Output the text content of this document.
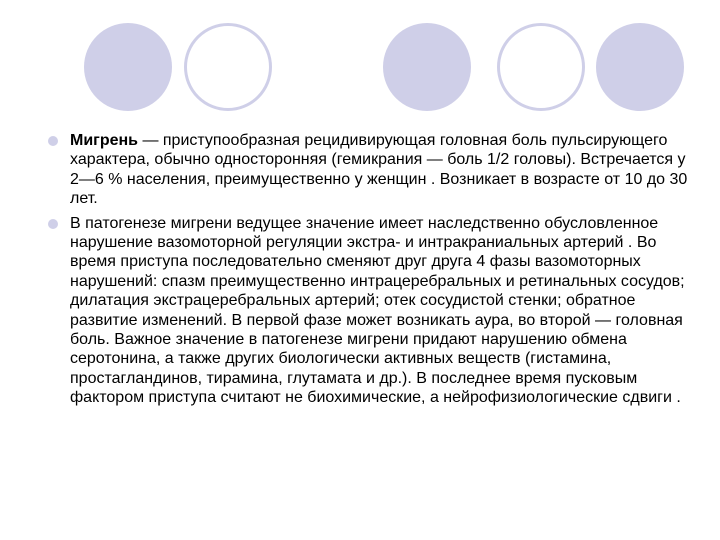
Мигрень — приступообразная рецидивирующая головная боль пульсирующего характера, обычно односторонняя (гемикрания — боль 1/2 головы). Встречается у 2—6 % населения, преимущественно у женщин . Возникает в возрасте от 10 до 30 лет.
В патогенезе мигрени ведущее значение имеет наследственно обусловленное нарушение вазомоторной регуляции экстра- и интракраниальных артерий . Во время приступа последовательно сменяют друг друга 4 фазы вазомоторных нарушений: спазм преимущественно интрацеребральных и ретинальных сосудов; дилатация экстрацеребральных артерий; отек сосудистой стенки; обратное развитие изменений. В первой фазе может возникать аура, во второй — головная боль. Важное значение в патогенезе мигрени придают нарушению обмена серотонина, а также других биологически активных веществ (гистамина, простагландинов, тирамина, глутамата и др.). В последнее время пусковым фактором приступа считают не биохимические, а нейрофизиологические сдвиги .
